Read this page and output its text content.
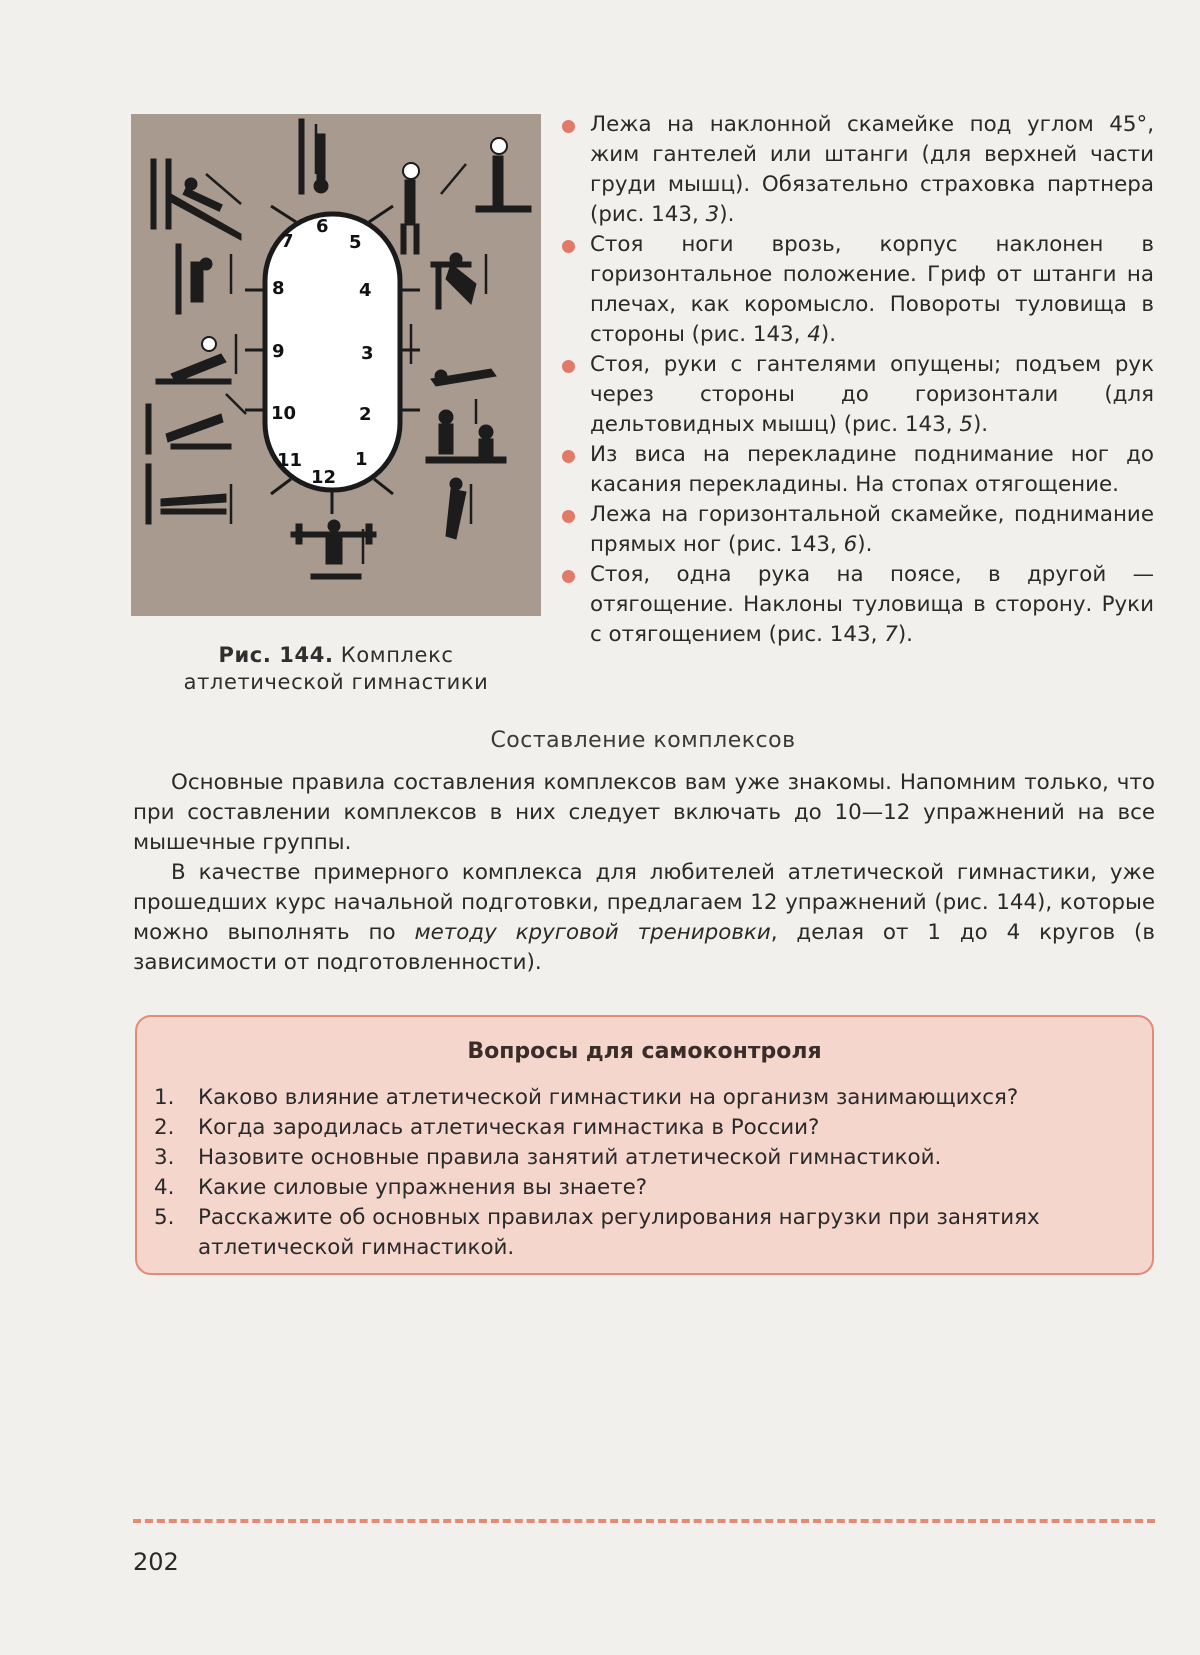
1
2
3
4
5
6
7
8
9
10
11
12
Рис. 144. Комплекс
атлетической гимнастики
Лежа на наклонной скамейке под углом 45°, жим гантелей или штанги (для верхней части груди мышц). Обязательно страховка партнера (рис. 143, 3).
Стоя ноги врозь, корпус наклонен в горизонтальное положение. Гриф от штанги на плечах, как коромысло. Повороты туловища в стороны (рис. 143, 4).
Стоя, руки с гантелями опущены; подъем рук через стороны до горизонтали (для дельтовидных мышц) (рис. 143, 5).
Из виса на перекладине поднимание ног до касания перекладины. На стопах отягощение.
Лежа на горизонтальной скамейке, поднимание прямых ног (рис. 143, 6).
Стоя, одна рука на поясе, в другой — отягощение. Наклоны туловища в сторону. Руки с отягощением (рис. 143, 7).
Составление комплексов

Основные правила составления комплексов вам уже знакомы. Напомним только, что при составлении комплексов в них следует включать до 10—12 упражнений на все мышечные группы.

В качестве примерного комплекса для любителей атлетической гимнастики, уже прошедших курс начальной подготовки, предлагаем 12 упражнений (рис. 144), которые можно выполнять по методу круговой тренировки, делая от 1 до 4 кругов (в зависимости от подготовленности).

Вопросы для самоконтроля
1. Каково влияние атлетической гимнастики на организм занимающихся?
2. Когда зародилась атлетическая гимнастика в России?
3. Назовите основные правила занятий атлетической гимнастикой.
4. Какие силовые упражнения вы знаете?
5. Расскажите об основных правилах регулирования нагрузки при занятиях атлетической гимнастикой.
202
